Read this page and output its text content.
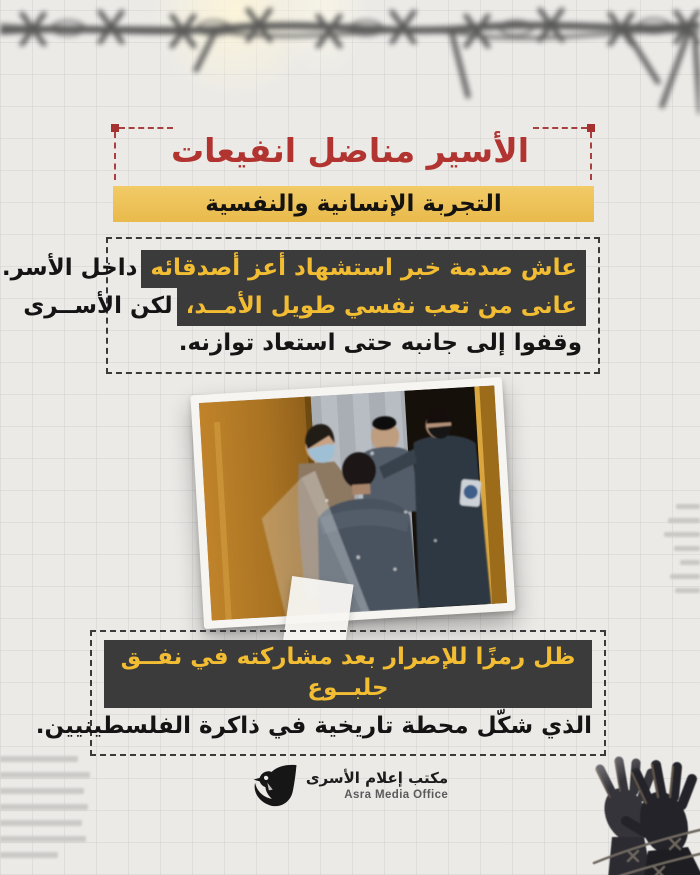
الأسير مناضل انفيعات
التجربة الإنسانية والنفسية
عاش صدمة خبر استشهاد أعز أصدقائه
داخل الأسر.
عانى من تعب نفسي طويل الأمــد،
لكن الأســرى
وقفوا إلى جانبه حتى استعاد توازنه.
ظل رمزًا للإصرار بعد مشاركته في نفــق جلبــوع
الذي شكّل محطة تاريخية في ذاكرة الفلسطينيين.
مكتب إعلام الأسرى
Asra Media Office
